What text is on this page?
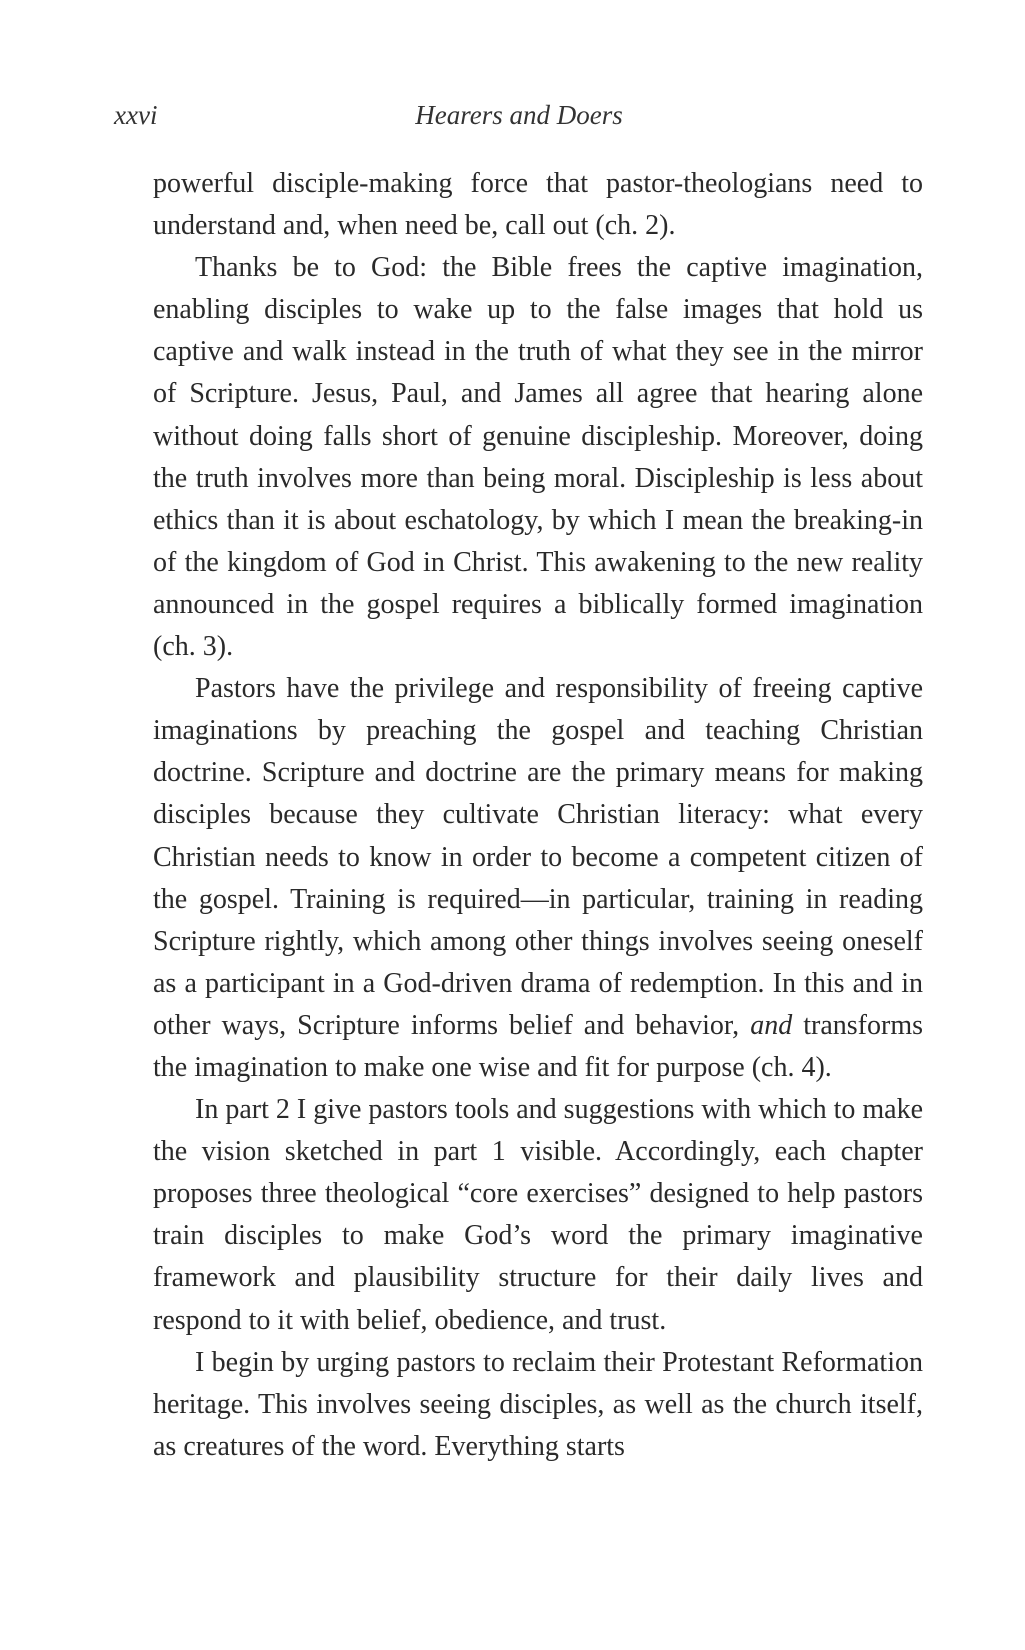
xxvi	Hearers and Doers

powerful disciple-making force that pastor-theologians need to understand and, when need be, call out (ch. 2).

Thanks be to God: the Bible frees the captive imagination, enabling disciples to wake up to the false images that hold us captive and walk instead in the truth of what they see in the mirror of Scripture. Jesus, Paul, and James all agree that hearing alone without doing falls short of genuine discipleship. Moreover, doing the truth involves more than being moral. Discipleship is less about ethics than it is about eschatology, by which I mean the breaking-in of the kingdom of God in Christ. This awakening to the new reality announced in the gospel requires a biblically formed imagination (ch. 3).

Pastors have the privilege and responsibility of freeing captive imaginations by preaching the gospel and teaching Christian doctrine. Scripture and doctrine are the primary means for making disciples because they cultivate Christian literacy: what every Christian needs to know in order to become a competent citizen of the gospel. Training is required—in particular, training in reading Scripture rightly, which among other things involves seeing oneself as a participant in a God-driven drama of redemption. In this and in other ways, Scripture informs belief and behavior, and transforms the imagination to make one wise and fit for purpose (ch. 4).

In part 2 I give pastors tools and suggestions with which to make the vision sketched in part 1 visible. Accordingly, each chapter proposes three theological “core exercises” designed to help pastors train disciples to make God’s word the primary imaginative framework and plausibility structure for their daily lives and respond to it with belief, obedience, and trust.

I begin by urging pastors to reclaim their Protestant Reformation heritage. This involves seeing disciples, as well as the church itself, as creatures of the word. Everything starts
